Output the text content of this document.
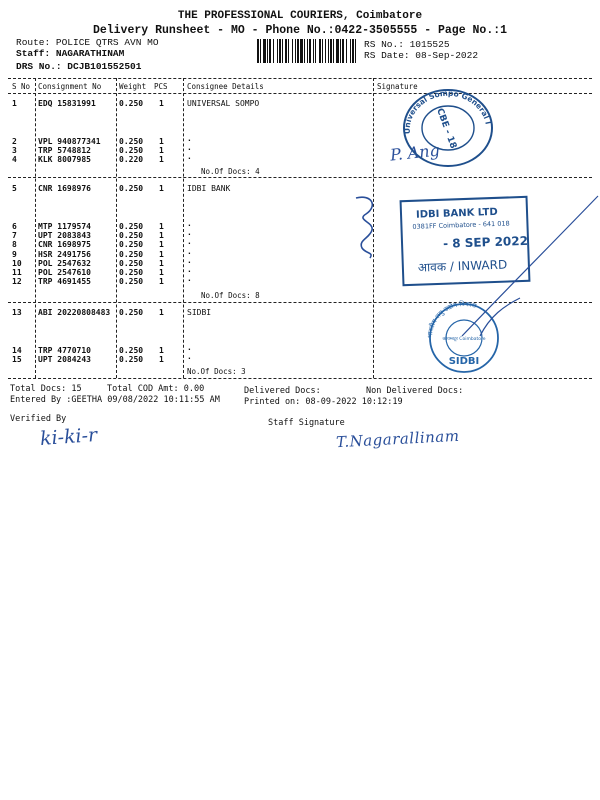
THE PROFESSIONAL COURIERS, Coimbatore
Delivery Runsheet - MO - Phone No.:0422-3505555 - Page No.:1
Route: POLICE QTRS AVN MO
Staff: NAGARATHINAM
DRS No.: DCJB101552501
RS No.: 1015525
RS Date: 08-Sep-2022
S No Consignment No Weight PCS	Consignee Details	Signature
1	EDQ 15831991	0.250 1	UNIVERSAL SOMPO
2	VPL 940877341 0.250 1	.
3	TRP 5748812	0.250 1	.
4	KLK 8007985	0.220 1	.
No.Of Docs: 4
5	CNR 1698976	0.250 1	IDBI BANK
6	MTP 1179574	0.250 1	.
7	UPT 2083843	0.250 1	.
8	CNR 1698975	0.250 1	.
9	HSR 2491756	0.250 1	.
10 POL 2547632	0.250 1	.
11 POL 2547610	0.250 1	.
12 TRP 4691455	0.250 1	.
No.Of Docs: 8
13 ABI 20220808483 0.250 1	SIDBI
14 TRP 4770710	0.250 1	.
15 UPT 2084243	0.250 1	.
No.Of Docs: 3
Total Docs: 15	Total COD Amt: 0.00	Delivered Docs:	Non Delivered Docs:
Entered By :GEETHA 09/08/2022 10:11:55 AM	Printed on: 08-09-2022 10:12:19
Verified By	Staff Signature
ki-ki-r	T.Nagarallinam
P. Ang
Universal Sompo General I
CBE - 18
IDBI BANK LTD
0381FF Coimbatore - 641 018
- 8 SEP 2022
आवक / INWARD
भारतीय लघु उद्योग विकास
कोयम्बटूर Coimbatore
SIDBI
